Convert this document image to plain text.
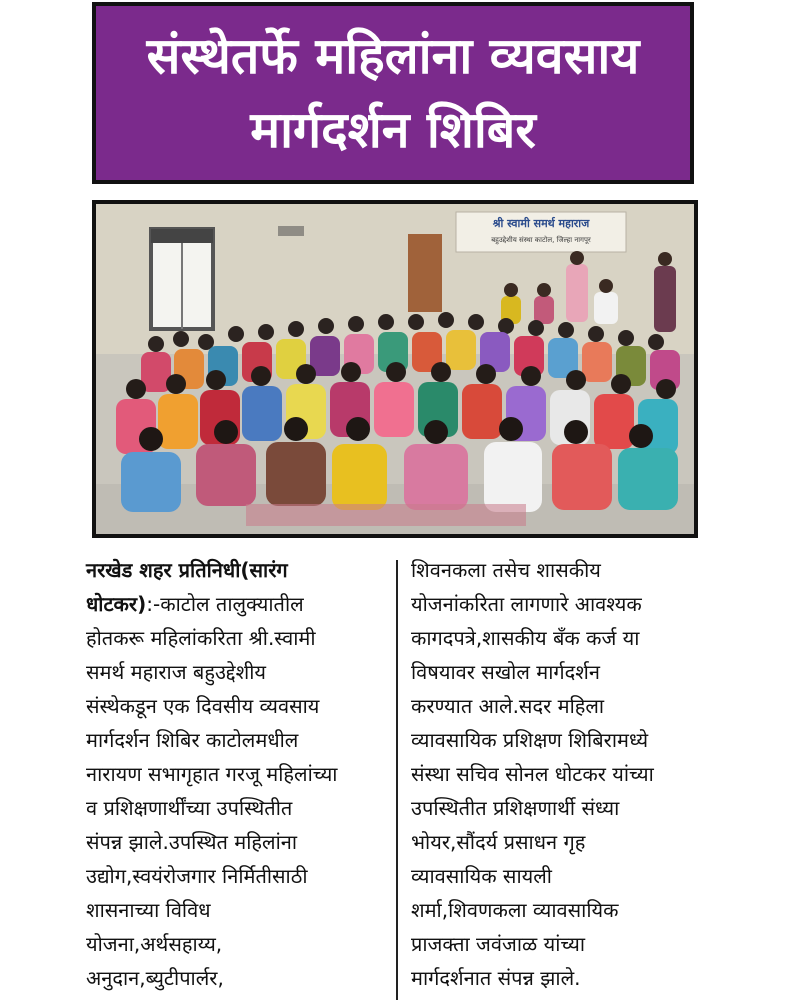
संस्थेतर्फे महिलांना व्यवसाय
मार्गदर्शन शिबिर
श्री स्वामी समर्थ महाराज
बहुउद्देशीय संस्था काटोल, जिल्हा नागपूर
नरखेड शहर प्रतिनिधी(सारंग
धोटकर):-काटोल तालुक्यातील
होतकरू महिलांकरिता श्री.स्वामी
समर्थ महाराज बहुउद्देशीय
संस्थेकडून एक दिवसीय व्यवसाय
मार्गदर्शन शिबिर काटोलमधील
नारायण सभागृहात गरजू महिलांच्या
व प्रशिक्षणार्थींच्या उपस्थितीत
संपन्न झाले.उपस्थित महिलांना
उद्योग,स्वयंरोजगार निर्मितीसाठी
शासनाच्या विविध
योजना,अर्थसहाय्य,
अनुदान,ब्युटीपार्लर,
शिवनकला तसेच शासकीय
योजनांकरिता लागणारे आवश्यक
कागदपत्रे,शासकीय बँक कर्ज या
विषयावर सखोल मार्गदर्शन
करण्यात आले.सदर महिला
व्यावसायिक प्रशिक्षण शिबिरामध्ये
संस्था सचिव सोनल धोटकर यांच्या
उपस्थितीत प्रशिक्षणार्थी संध्या
भोयर,सौंदर्य प्रसाधन गृह
व्यावसायिक सायली
शर्मा,शिवणकला व्यावसायिक
प्राजक्ता जवंजाळ यांच्या
मार्गदर्शनात संपन्न झाले.
